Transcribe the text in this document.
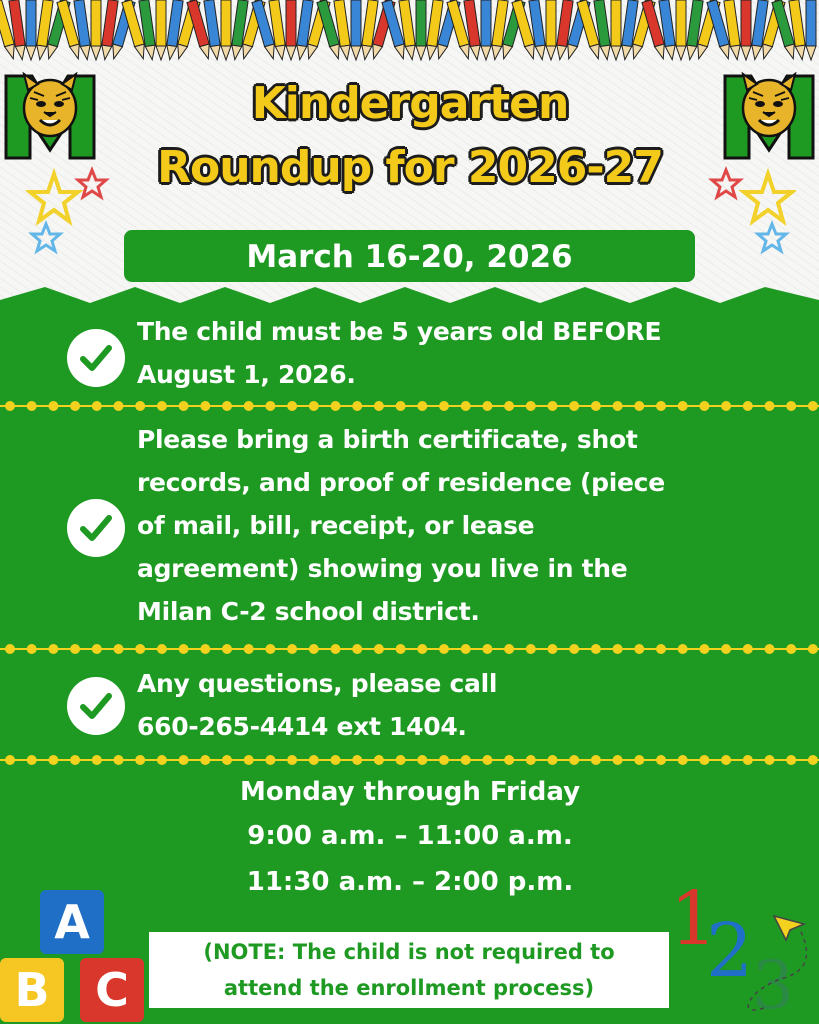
Kindergarten
Roundup for 2026-27
March 16-20, 2026
The child must be 5 years old BEFORE
August 1, 2026.
Please bring a birth certificate, shot
records, and proof of residence (piece
of mail, bill, receipt, or lease
agreement) showing you live in the
Milan C-2 school district.
Any questions, please call
660-265-4414 ext 1404.
Monday through Friday
9:00 a.m. – 11:00 a.m.
11:30 a.m. – 2:00 p.m.
(NOTE: The child is not required to
attend the enrollment process)
A
B C
1
2
3
